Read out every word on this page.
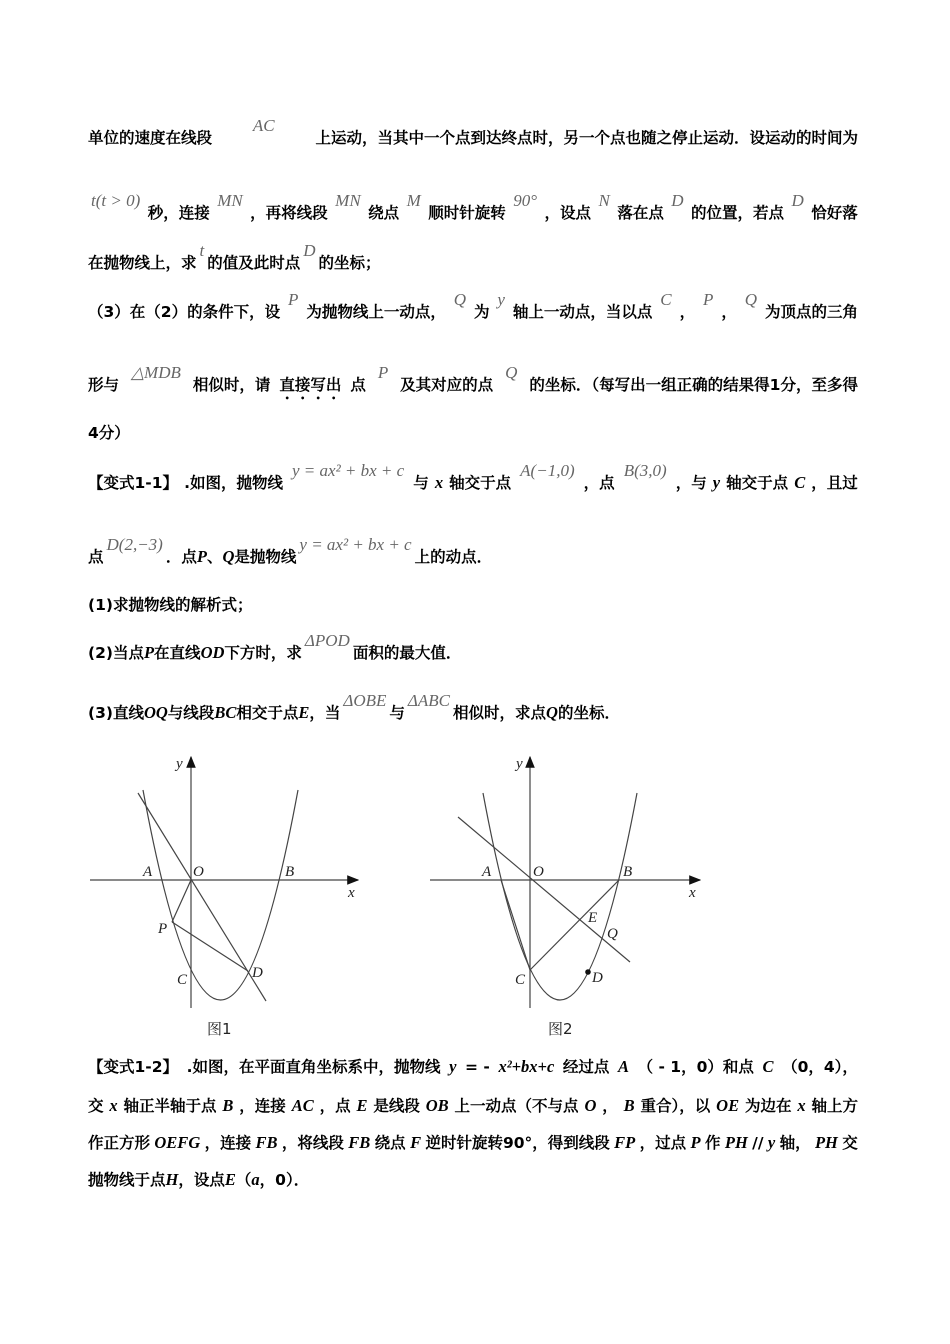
单位的速度在线段
AC
上运动，当其中一个点到达终点时，另一个点也随之停止运动．设运动的时间为
t(t > 0)
秒，连接
MN
，再将线段
MN
绕点
M
顺时针旋转
90°
，设点
N
落在点
D
的位置，若点
D
恰好落
在抛物线上，求
t
的值及此时点
D
的坐标；
（3）在（2）的条件下，设
P
为抛物线上一动点，
Q
为
y
轴上一动点，当以点
C
，
P
，
Q
为顶点的三角
形与
△MDB
相似时，请 直接写出 点
P
及其对应的点
Q
的坐标．（每写出一组正确的结果得1分，至多得
4分）
【变式1-1】 .如图，抛物线
y = ax² + bx + c
与 x 轴交于点
A(−1,0)
，点
B(3,0)
，与 y 轴交于点 C ，且过
点
D(2,−3)
．点 P 、 Q 是抛物线
y = ax² + bx + c
上的动点．
(1)求抛物线的解析式；
(2)当点 P 在直线 OD 下方时，求
ΔPOD
面积的最大值．
(3)直线 OQ 与线段 BC 相交于点 E ，当
ΔOBE
与
ΔABC
相似时，求点 Q 的坐标．
【变式1-2】 .如图，在平面直角坐标系中，抛物线 y = - x²+bx+c 经过点 A （ - 1，0）和点 C （0，4），
交 x 轴正半轴于点 B ，连接 AC ，点 E 是线段 OB 上一动点（不与点 O ， B 重合），以 OE 为边在 x 轴上方
作正方形 OEFG ，连接 FB ，将线段 FB 绕点 F 逆时针旋转90°，得到线段 FP ，过点 P 作 PH // y 轴， PH 交
抛物线于点 H ，设点 E （ a ，0）．
y
x
A	O	B
P
C	D
图1
y
x
A	O	B
E
Q
C	D
图2
